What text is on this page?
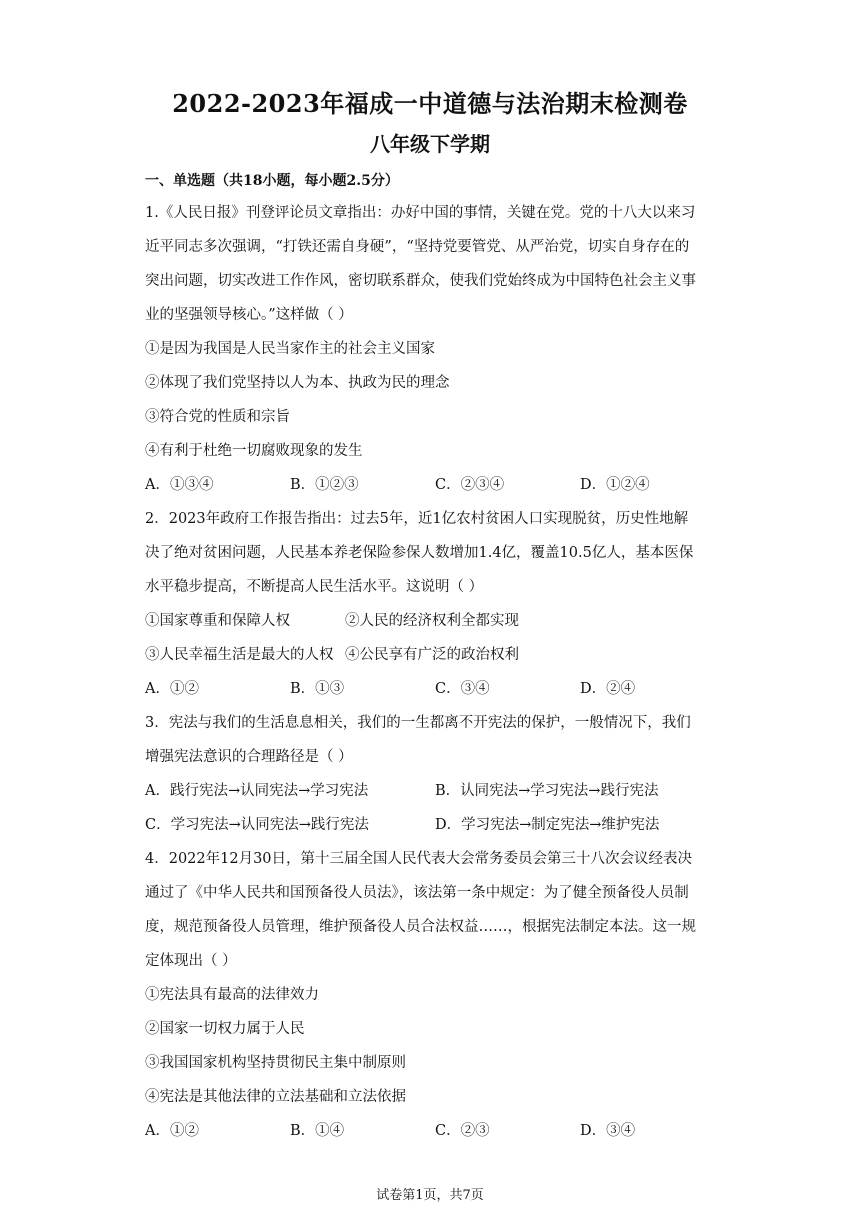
2022-2023年福成一中道德与法治期末检测卷
八年级下学期
一、单选题（共18小题，每小题2.5分）
1.《人民日报》刊登评论员文章指出：办好中国的事情，关键在党。党的十八大以来习
近平同志多次强调，“打铁还需自身硬”，“坚持党要管党、从严治党，切实自身存在的
突出问题，切实改进工作作风，密切联系群众，使我们党始终成为中国特色社会主义事
业的坚强领导核心。”这样做（ ）
①是因为我国是人民当家作主的社会主义国家
②体现了我们党坚持以人为本、执政为民的理念
③符合党的性质和宗旨
④有利于杜绝一切腐败现象的发生
A．①③④	B．①②③	C．②③④	D．①②④
2．2023年政府工作报告指出：过去5年，近1亿农村贫困人口实现脱贫，历史性地解
决了绝对贫困问题，人民基本养老保险参保人数增加1.4亿，覆盖10.5亿人，基本医保
水平稳步提高，不断提高人民生活水平。这说明（ ）
①国家尊重和保障人权	②人民的经济权利全都实现
③人民幸福生活是最大的人权 ④公民享有广泛的政治权利
A．①②	B．①③	C．③④	D．②④
3．宪法与我们的生活息息相关，我们的一生都离不开宪法的保护，一般情况下，我们
增强宪法意识的合理路径是（ ）
A．践行宪法→认同宪法→学习宪法	B．认同宪法→学习宪法→践行宪法
C．学习宪法→认同宪法→践行宪法	D．学习宪法→制定宪法→维护宪法
4．2022年12月30日，第十三届全国人民代表大会常务委员会第三十八次会议经表决
通过了《中华人民共和国预备役人员法》，该法第一条中规定：为了健全预备役人员制
度，规范预备役人员管理，维护预备役人员合法权益……，根据宪法制定本法。这一规
定体现出（ ）
①宪法具有最高的法律效力
②国家一切权力属于人民
③我国国家机构坚持贯彻民主集中制原则
④宪法是其他法律的立法基础和立法依据
A．①②	B．①④	C．②③	D．③④
试卷第1页，共7页
